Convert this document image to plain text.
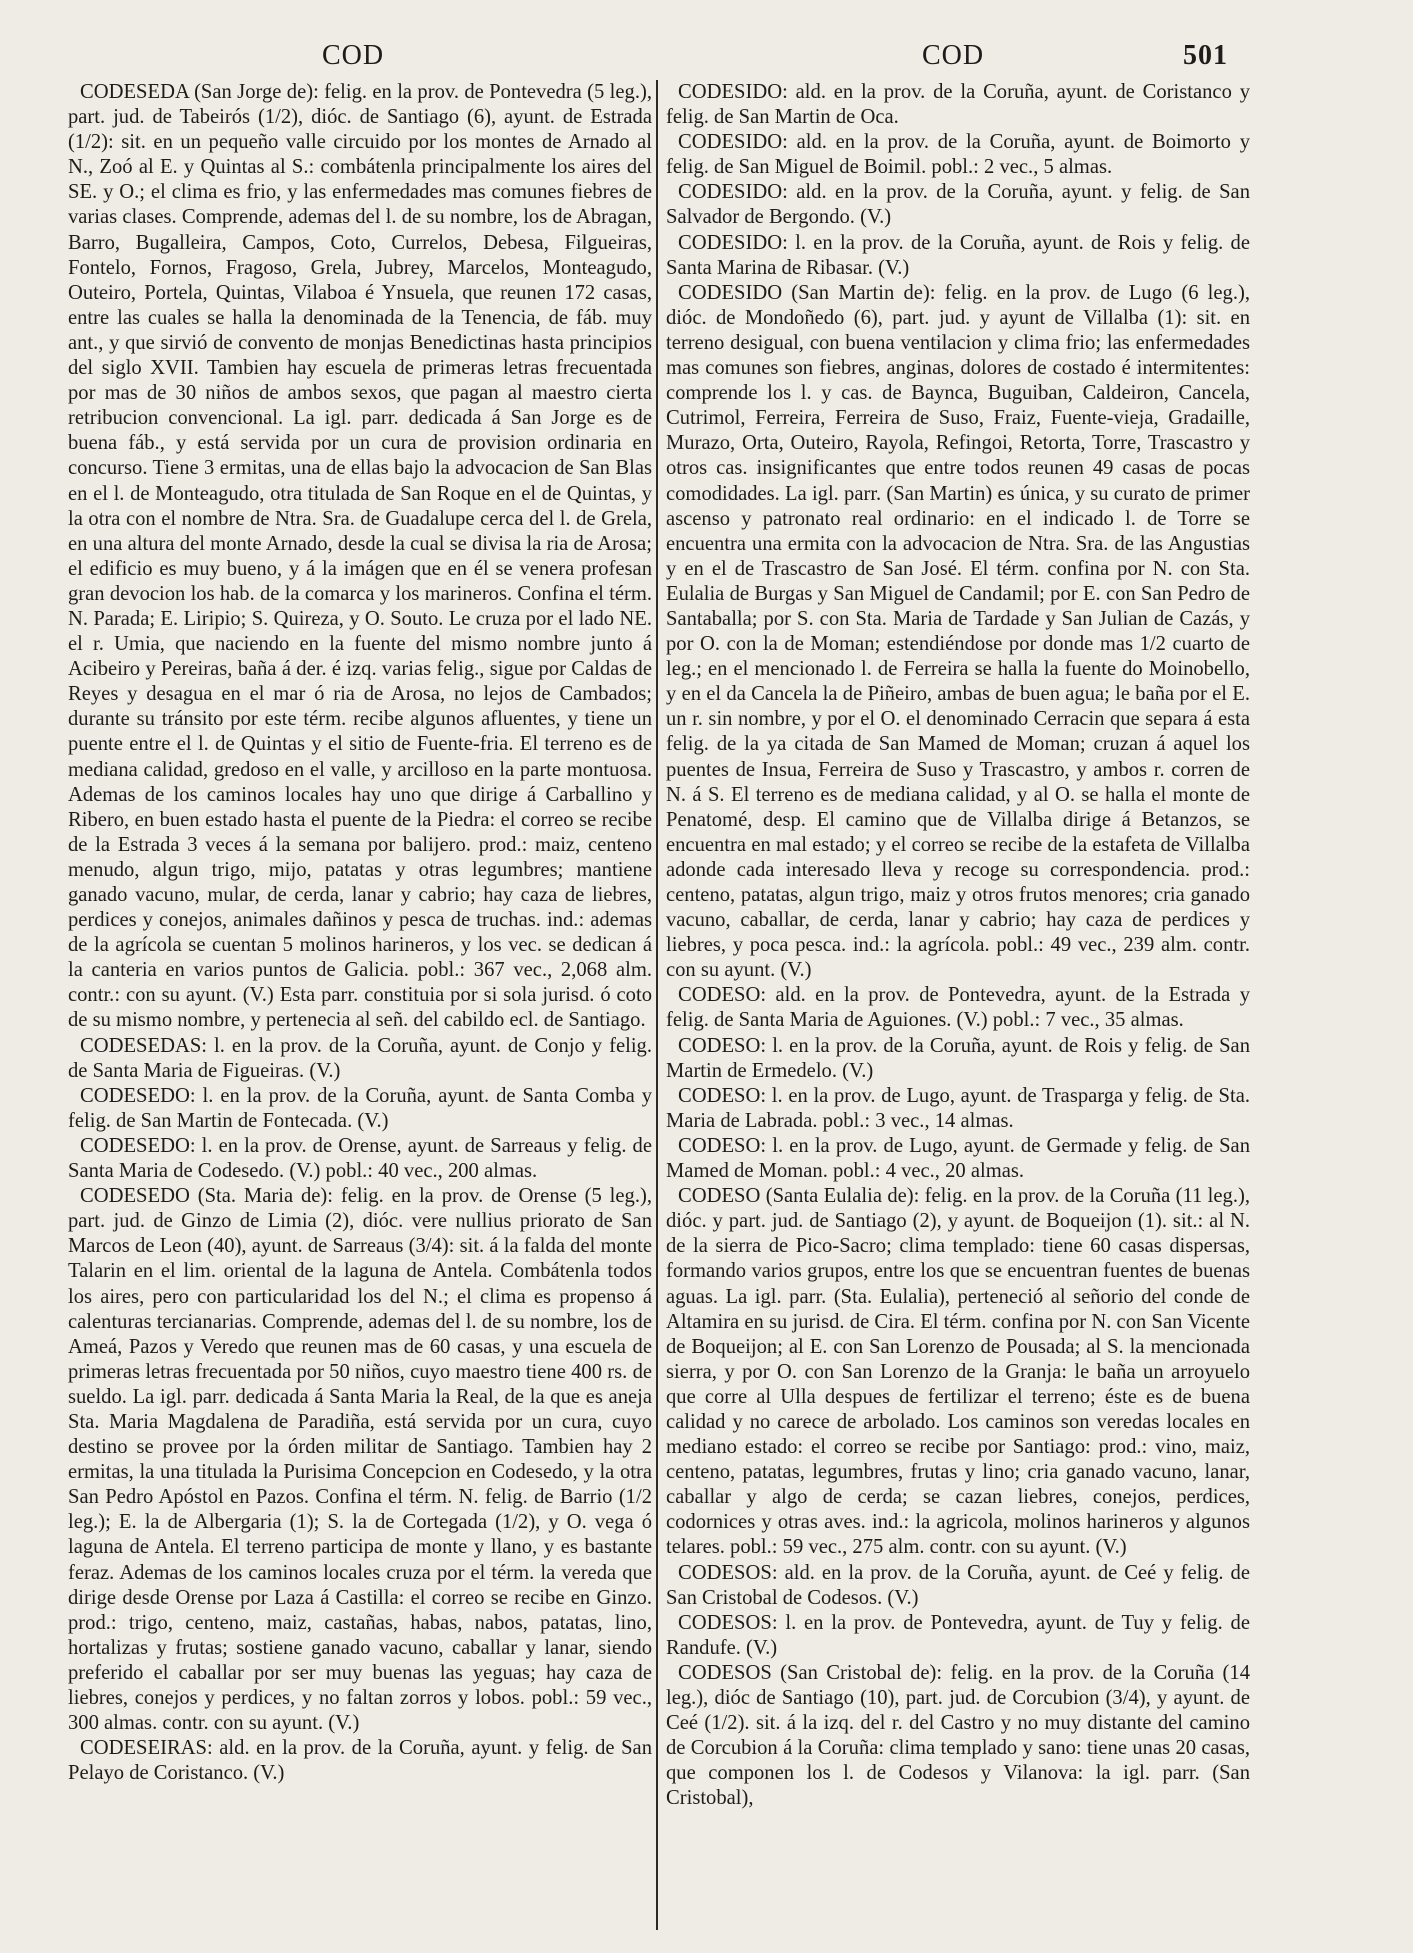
COD	COD	501

CODESEDA (San Jorge de): felig. en la prov. de Pontevedra (5 leg.), part. jud. de Tabeirós (1/2), dióc. de Santiago (6), ayunt. de Estrada (1/2): sit. en un pequeño valle circuido por los montes de Arnado al N., Zoó al E. y Quintas al S.: combátenla principalmente los aires del SE. y O.; el clima es frio, y las enfermedades mas comunes fiebres de varias clases. Comprende, ademas del l. de su nombre, los de Abragan, Barro, Bugalleira, Campos, Coto, Currelos, Debesa, Filgueiras, Fontelo, Fornos, Fragoso, Grela, Jubrey, Marcelos, Monteagudo, Outeiro, Portela, Quintas, Vilaboa é Ynsuela, que reunen 172 casas, entre las cuales se halla la denominada de la Tenencia, de fáb. muy ant., y que sirvió de convento de monjas Benedictinas hasta principios del siglo XVII. Tambien hay escuela de primeras letras frecuentada por mas de 30 niños de ambos sexos, que pagan al maestro cierta retribucion convencional. La igl. parr. dedicada á San Jorge es de buena fáb., y está servida por un cura de provision ordinaria en concurso. Tiene 3 ermitas, una de ellas bajo la advocacion de San Blas en el l. de Monteagudo, otra titulada de San Roque en el de Quintas, y la otra con el nombre de Ntra. Sra. de Guadalupe cerca del l. de Grela, en una altura del monte Arnado, desde la cual se divisa la ria de Arosa; el edificio es muy bueno, y á la imágen que en él se venera profesan gran devocion los hab. de la comarca y los marineros. Confina el térm. N. Parada; E. Liripio; S. Quireza, y O. Souto. Le cruza por el lado NE. el r. Umia, que naciendo en la fuente del mismo nombre junto á Acibeiro y Pereiras, baña á der. é izq. varias felig., sigue por Caldas de Reyes y desagua en el mar ó ria de Arosa, no lejos de Cambados; durante su tránsito por este térm. recibe algunos afluentes, y tiene un puente entre el l. de Quintas y el sitio de Fuente-fria. El terreno es de mediana calidad, gredoso en el valle, y arcilloso en la parte montuosa. Ademas de los caminos locales hay uno que dirige á Carballino y Ribero, en buen estado hasta el puente de la Piedra: el correo se recibe de la Estrada 3 veces á la semana por balijero. prod.: maiz, centeno menudo, algun trigo, mijo, patatas y otras legumbres; mantiene ganado vacuno, mular, de cerda, lanar y cabrio; hay caza de liebres, perdices y conejos, animales dañinos y pesca de truchas. ind.: ademas de la agrícola se cuentan 5 molinos harineros, y los vec. se dedican á la canteria en varios puntos de Galicia. pobl.: 367 vec., 2,068 alm. contr.: con su ayunt. (V.) Esta parr. constituia por si sola jurisd. ó coto de su mismo nombre, y pertenecia al señ. del cabildo ecl. de Santiago.

CODESEDAS: l. en la prov. de la Coruña, ayunt. de Conjo y felig. de Santa Maria de Figueiras. (V.)

CODESEDO: l. en la prov. de la Coruña, ayunt. de Santa Comba y felig. de San Martin de Fontecada. (V.)

CODESEDO: l. en la prov. de Orense, ayunt. de Sarreaus y felig. de Santa Maria de Codesedo. (V.) pobl.: 40 vec., 200 almas.

CODESEDO (Sta. Maria de): felig. en la prov. de Orense (5 leg.), part. jud. de Ginzo de Limia (2), dióc. vere nullius priorato de San Marcos de Leon (40), ayunt. de Sarreaus (3/4): sit. á la falda del monte Talarin en el lim. oriental de la laguna de Antela. Combátenla todos los aires, pero con particularidad los del N.; el clima es propenso á calenturas tercianarias. Comprende, ademas del l. de su nombre, los de Ameá, Pazos y Veredo que reunen mas de 60 casas, y una escuela de primeras letras frecuentada por 50 niños, cuyo maestro tiene 400 rs. de sueldo. La igl. parr. dedicada á Santa Maria la Real, de la que es aneja Sta. Maria Magdalena de Paradiña, está servida por un cura, cuyo destino se provee por la órden militar de Santiago. Tambien hay 2 ermitas, la una titulada la Purisima Concepcion en Codesedo, y la otra San Pedro Apóstol en Pazos. Confina el térm. N. felig. de Barrio (1/2 leg.); E. la de Albergaria (1); S. la de Cortegada (1/2), y O. vega ó laguna de Antela. El terreno participa de monte y llano, y es bastante feraz. Ademas de los caminos locales cruza por el térm. la vereda que dirige desde Orense por Laza á Castilla: el correo se recibe en Ginzo. prod.: trigo, centeno, maiz, castañas, habas, nabos, patatas, lino, hortalizas y frutas; sostiene ganado vacuno, caballar y lanar, siendo preferido el caballar por ser muy buenas las yeguas; hay caza de liebres, conejos y perdices, y no faltan zorros y lobos. pobl.: 59 vec., 300 almas. contr. con su ayunt. (V.)

CODESEIRAS: ald. en la prov. de la Coruña, ayunt. y felig. de San Pelayo de Coristanco. (V.)

CODESIDO: ald. en la prov. de la Coruña, ayunt. de Coristanco y felig. de San Martin de Oca.

CODESIDO: ald. en la prov. de la Coruña, ayunt. de Boimorto y felig. de San Miguel de Boimil. pobl.: 2 vec., 5 almas.

CODESIDO: ald. en la prov. de la Coruña, ayunt. y felig. de San Salvador de Bergondo. (V.)

CODESIDO: l. en la prov. de la Coruña, ayunt. de Rois y felig. de Santa Marina de Ribasar. (V.)

CODESIDO (San Martin de): felig. en la prov. de Lugo (6 leg.), dióc. de Mondoñedo (6), part. jud. y ayunt de Villalba (1): sit. en terreno desigual, con buena ventilacion y clima frio; las enfermedades mas comunes son fiebres, anginas, dolores de costado é intermitentes: comprende los l. y cas. de Baynca, Buguiban, Caldeiron, Cancela, Cutrimol, Ferreira, Ferreira de Suso, Fraiz, Fuente-vieja, Gradaille, Murazo, Orta, Outeiro, Rayola, Refingoi, Retorta, Torre, Trascastro y otros cas. insignificantes que entre todos reunen 49 casas de pocas comodidades. La igl. parr. (San Martin) es única, y su curato de primer ascenso y patronato real ordinario: en el indicado l. de Torre se encuentra una ermita con la advocacion de Ntra. Sra. de las Angustias y en el de Trascastro de San José. El térm. confina por N. con Sta. Eulalia de Burgas y San Miguel de Candamil; por E. con San Pedro de Santaballa; por S. con Sta. Maria de Tardade y San Julian de Cazás, y por O. con la de Moman; estendiéndose por donde mas 1/2 cuarto de leg.; en el mencionado l. de Ferreira se halla la fuente do Moinobello, y en el da Cancela la de Piñeiro, ambas de buen agua; le baña por el E. un r. sin nombre, y por el O. el denominado Cerracin que separa á esta felig. de la ya citada de San Mamed de Moman; cruzan á aquel los puentes de Insua, Ferreira de Suso y Trascastro, y ambos r. corren de N. á S. El terreno es de mediana calidad, y al O. se halla el monte de Penatomé, desp. El camino que de Villalba dirige á Betanzos, se encuentra en mal estado; y el correo se recibe de la estafeta de Villalba adonde cada interesado lleva y recoge su correspondencia. prod.: centeno, patatas, algun trigo, maiz y otros frutos menores; cria ganado vacuno, caballar, de cerda, lanar y cabrio; hay caza de perdices y liebres, y poca pesca. ind.: la agrícola. pobl.: 49 vec., 239 alm. contr. con su ayunt. (V.)

CODESO: ald. en la prov. de Pontevedra, ayunt. de la Estrada y felig. de Santa Maria de Aguiones. (V.) pobl.: 7 vec., 35 almas.

CODESO: l. en la prov. de la Coruña, ayunt. de Rois y felig. de San Martin de Ermedelo. (V.)

CODESO: l. en la prov. de Lugo, ayunt. de Trasparga y felig. de Sta. Maria de Labrada. pobl.: 3 vec., 14 almas.

CODESO: l. en la prov. de Lugo, ayunt. de Germade y felig. de San Mamed de Moman. pobl.: 4 vec., 20 almas.

CODESO (Santa Eulalia de): felig. en la prov. de la Coruña (11 leg.), dióc. y part. jud. de Santiago (2), y ayunt. de Boqueijon (1). sit.: al N. de la sierra de Pico-Sacro; clima templado: tiene 60 casas dispersas, formando varios grupos, entre los que se encuentran fuentes de buenas aguas. La igl. parr. (Sta. Eulalia), perteneció al señorio del conde de Altamira en su jurisd. de Cira. El térm. confina por N. con San Vicente de Boqueijon; al E. con San Lorenzo de Pousada; al S. la mencionada sierra, y por O. con San Lorenzo de la Granja: le baña un arroyuelo que corre al Ulla despues de fertilizar el terreno; éste es de buena calidad y no carece de arbolado. Los caminos son veredas locales en mediano estado: el correo se recibe por Santiago: prod.: vino, maiz, centeno, patatas, legumbres, frutas y lino; cria ganado vacuno, lanar, caballar y algo de cerda; se cazan liebres, conejos, perdices, codornices y otras aves. ind.: la agricola, molinos harineros y algunos telares. pobl.: 59 vec., 275 alm. contr. con su ayunt. (V.)

CODESOS: ald. en la prov. de la Coruña, ayunt. de Ceé y felig. de San Cristobal de Codesos. (V.)

CODESOS: l. en la prov. de Pontevedra, ayunt. de Tuy y felig. de Randufe. (V.)

CODESOS (San Cristobal de): felig. en la prov. de la Coruña (14 leg.), dióc de Santiago (10), part. jud. de Corcubion (3/4), y ayunt. de Ceé (1/2). sit. á la izq. del r. del Castro y no muy distante del camino de Corcubion á la Coruña: clima templado y sano: tiene unas 20 casas, que componen los l. de Codesos y Vilanova: la igl. parr. (San Cristobal),
